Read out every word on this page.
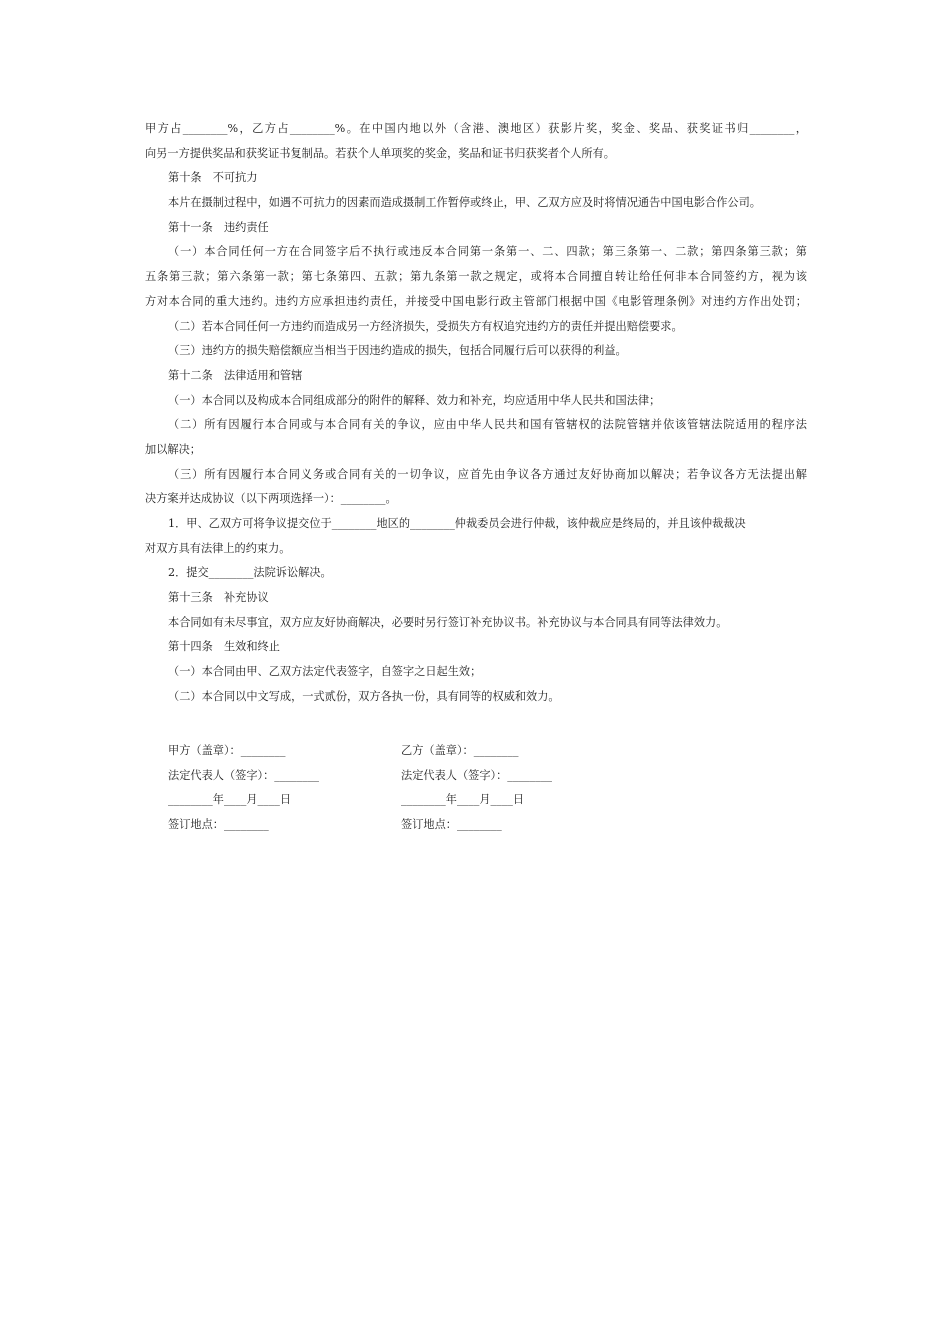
甲方占________%，乙方占________%。在中国内地以外（含港、澳地区）获影片奖，奖金、奖品、获奖证书归________，
向另一方提供奖品和获奖证书复制品。若获个人单项奖的奖金，奖品和证书归获奖者个人所有。
第十条　不可抗力
本片在摄制过程中，如遇不可抗力的因素而造成摄制工作暂停或终止，甲、乙双方应及时将情况通告中国电影合作公司。
第十一条　违约责任
（一）本合同任何一方在合同签字后不执行或违反本合同第一条第一、二、四款；第三条第一、二款；第四条第三款；第
五条第三款；第六条第一款；第七条第四、五款；第九条第一款之规定，或将本合同擅自转让给任何非本合同签约方，视为该
方对本合同的重大违约。违约方应承担违约责任，并接受中国电影行政主管部门根据中国《电影管理条例》对违约方作出处罚；
（二）若本合同任何一方违约而造成另一方经济损失，受损失方有权追究违约方的责任并提出赔偿要求。
（三）违约方的损失赔偿额应当相当于因违约造成的损失，包括合同履行后可以获得的利益。
第十二条　法律适用和管辖
（一）本合同以及构成本合同组成部分的附件的解释、效力和补充，均应适用中华人民共和国法律；
（二）所有因履行本合同或与本合同有关的争议，应由中华人民共和国有管辖权的法院管辖并依该管辖法院适用的程序法
加以解决；
（三）所有因履行本合同义务或合同有关的一切争议，应首先由争议各方通过友好协商加以解决；若争议各方无法提出解
决方案并达成协议（以下两项选择一）：________。
1．甲、乙双方可将争议提交位于________地区的________仲裁委员会进行仲裁，该仲裁应是终局的，并且该仲裁裁决
对双方具有法律上的约束力。
2．提交________法院诉讼解决。
第十三条　补充协议
本合同如有未尽事宜，双方应友好协商解决，必要时另行签订补充协议书。补充协议与本合同具有同等法律效力。
第十四条　生效和终止
（一）本合同由甲、乙双方法定代表签字，自签字之日起生效；
（二）本合同以中文写成，一式贰份，双方各执一份，具有同等的权威和效力。
甲方（盖章）：________
法定代表人（签字）：________
________年____月____日
签订地点：________
乙方（盖章）：________
法定代表人（签字）：________
________年____月____日
签订地点：________
